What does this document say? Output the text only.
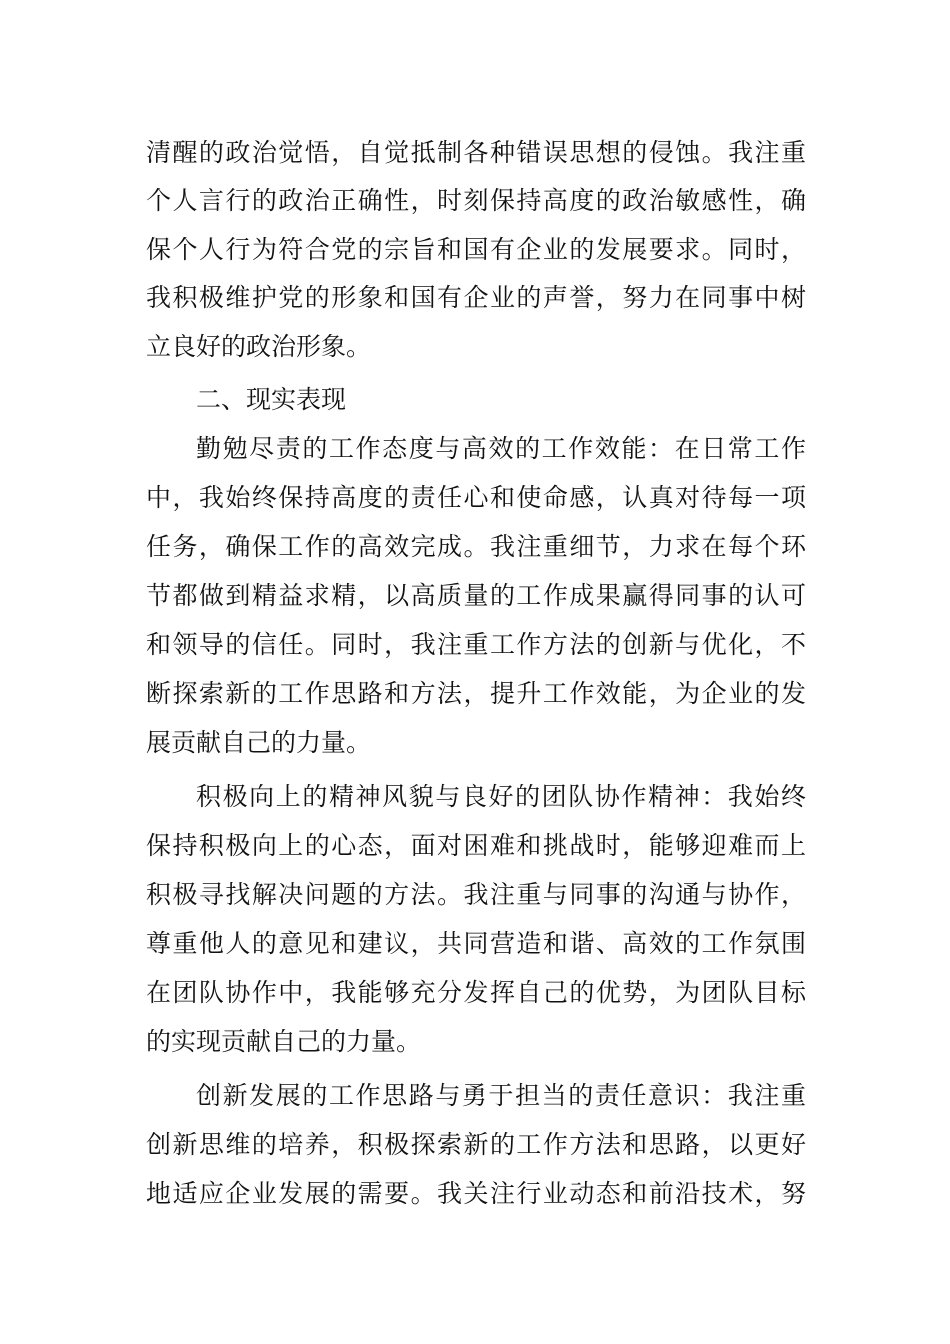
清醒的政治觉悟，自觉抵制各种错误思想的侵蚀。我注重
个人言行的政治正确性，时刻保持高度的政治敏感性，确
保个人行为符合党的宗旨和国有企业的发展要求。同时，
我积极维护党的形象和国有企业的声誉，努力在同事中树
立良好的政治形象。
二、现实表现
勤勉尽责的工作态度与高效的工作效能：在日常工作
中，我始终保持高度的责任心和使命感，认真对待每一项
任务，确保工作的高效完成。我注重细节，力求在每个环
节都做到精益求精，以高质量的工作成果赢得同事的认可
和领导的信任。同时，我注重工作方法的创新与优化，不
断探索新的工作思路和方法，提升工作效能，为企业的发
展贡献自己的力量。
积极向上的精神风貌与良好的团队协作精神：我始终
保持积极向上的心态，面对困难和挑战时，能够迎难而上
积极寻找解决问题的方法。我注重与同事的沟通与协作，
尊重他人的意见和建议，共同营造和谐、高效的工作氛围
在团队协作中，我能够充分发挥自己的优势，为团队目标
的实现贡献自己的力量。
创新发展的工作思路与勇于担当的责任意识：我注重
创新思维的培养，积极探索新的工作方法和思路，以更好
地适应企业发展的需要。我关注行业动态和前沿技术，努
